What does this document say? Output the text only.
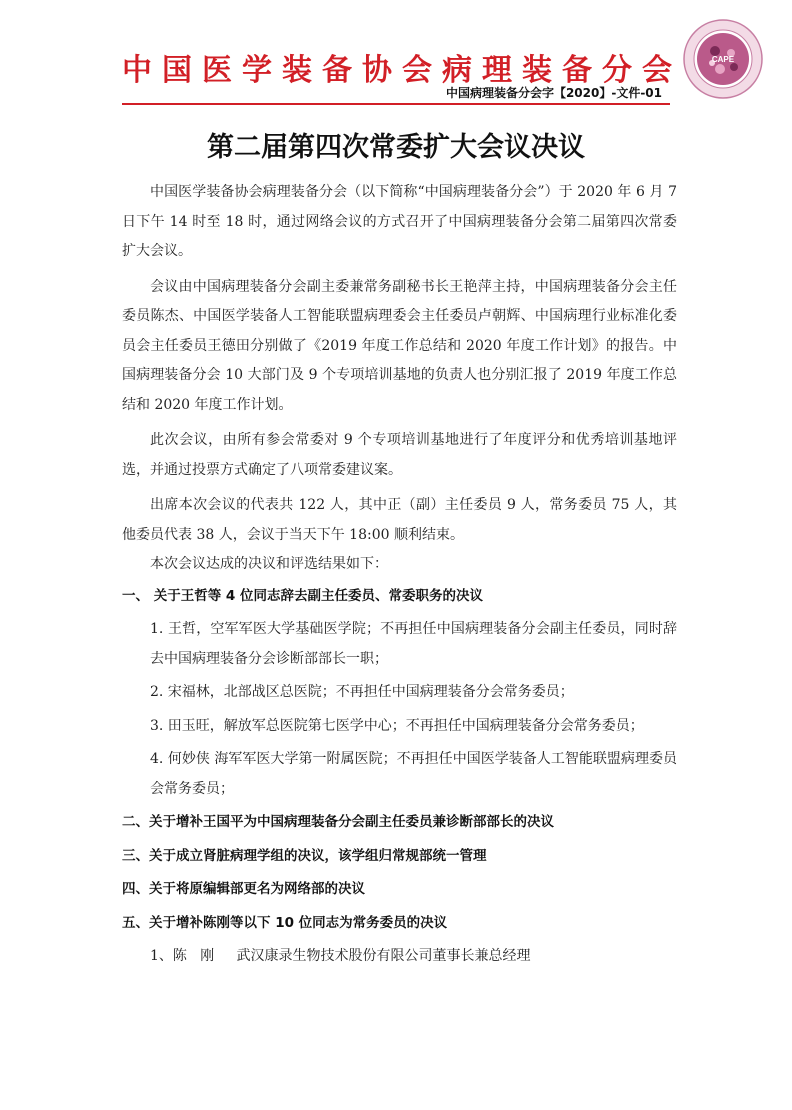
中国医学装备协会病理装备分会
中国病理装备分会字【2020】-文件-01
CAPE
第二届第四次常委扩大会议决议

中国医学装备协会病理装备分会（以下简称“中国病理装备分会”）于 2020 年 6 月 7 日下午 14 时至 18 时，通过网络会议的方式召开了中国病理装备分会第二届第四次常委扩大会议。

会议由中国病理装备分会副主委兼常务副秘书长王艳萍主持，中国病理装备分会主任委员陈杰、中国医学装备人工智能联盟病理委会主任委员卢朝辉、中国病理行业标准化委员会主任委员王德田分别做了《2019 年度工作总结和 2020 年度工作计划》的报告。中国病理装备分会 10 大部门及 9 个专项培训基地的负责人也分别汇报了 2019 年度工作总结和 2020 年度工作计划。

此次会议，由所有参会常委对 9 个专项培训基地进行了年度评分和优秀培训基地评选，并通过投票方式确定了八项常委建议案。

出席本次会议的代表共 122 人，其中正（副）主任委员 9 人，常务委员 75 人，其他委员代表 38 人，会议于当天下午 18:00 顺利结束。

本次会议达成的决议和评选结果如下：

一、 关于王哲等 4 位同志辞去副主任委员、常委职务的决议
1. 王哲，空军军医大学基础医学院；不再担任中国病理装备分会副主任委员，同时辞去中国病理装备分会诊断部部长一职；
2. 宋福林，北部战区总医院；不再担任中国病理装备分会常务委员；
3. 田玉旺，解放军总医院第七医学中心；不再担任中国病理装备分会常务委员；
4. 何妙侠 海军军医大学第一附属医院；不再担任中国医学装备人工智能联盟病理委员会常务委员；
二、关于增补王国平为中国病理装备分会副主任委员兼诊断部部长的决议
三、关于成立肾脏病理学组的决议，该学组归常规部统一管理
四、关于将原编辑部更名为网络部的决议
五、关于增补陈刚等以下 10 位同志为常务委员的决议
1、陈   刚 武汉康录生物技术股份有限公司董事长兼总经理
